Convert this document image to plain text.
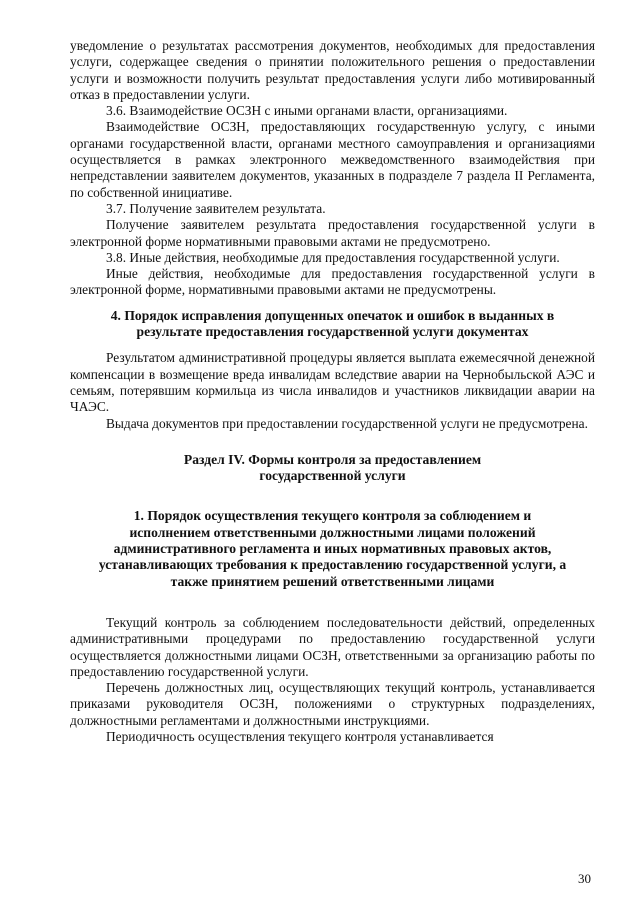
уведомление о результатах рассмотрения документов, необходимых для предоставления услуги, содержащее сведения о принятии положительного решения о предоставлении услуги и возможности получить результат предоставления услуги либо мотивированный отказ в предоставлении услуги.

3.6. Взаимодействие ОСЗН с иными органами власти, организациями.

Взаимодействие ОСЗН, предоставляющих государственную услугу, с иными органами государственной власти, органами местного самоуправления и организациями осуществляется в рамках электронного межведомственного взаимодействия при непредставлении заявителем документов, указанных в подразделе 7 раздела II Регламента, по собственной инициативе.

3.7. Получение заявителем результата.

Получение заявителем результата предоставления государственной услуги в электронной форме нормативными правовыми актами не предусмотрено.

3.8. Иные действия, необходимые для предоставления государственной услуги.

Иные действия, необходимые для предоставления государственной услуги в электронной форме, нормативными правовыми актами не предусмотрены.

4. Порядок исправления допущенных опечаток и ошибок в выданных в
результате предоставления государственной услуги документах

Результатом административной процедуры является выплата ежемесячной денежной компенсации в возмещение вреда инвалидам вследствие аварии на Чернобыльской АЭС и семьям, потерявшим кормильца из числа инвалидов и участников ликвидации аварии на ЧАЭС.

Выдача документов при предоставлении государственной услуги не предусмотрена.

Раздел IV. Формы контроля за предоставлением
государственной услуги
1. Порядок осуществления текущего контроля за соблюдением и
исполнением ответственными должностными лицами положений
административного регламента и иных нормативных правовых актов,
устанавливающих требования к предоставлению государственной услуги, а
также принятием решений ответственными лицами

Текущий контроль за соблюдением последовательности действий, определенных административными процедурами по предоставлению государственной услуги осуществляется должностными лицами ОСЗН, ответственными за организацию работы по предоставлению государственной услуги.

Перечень должностных лиц, осуществляющих текущий контроль, устанавливается приказами руководителя ОСЗН, положениями о структурных подразделениях, должностными регламентами и должностными инструкциями.

Периодичность осуществления текущего контроля устанавливается

30
